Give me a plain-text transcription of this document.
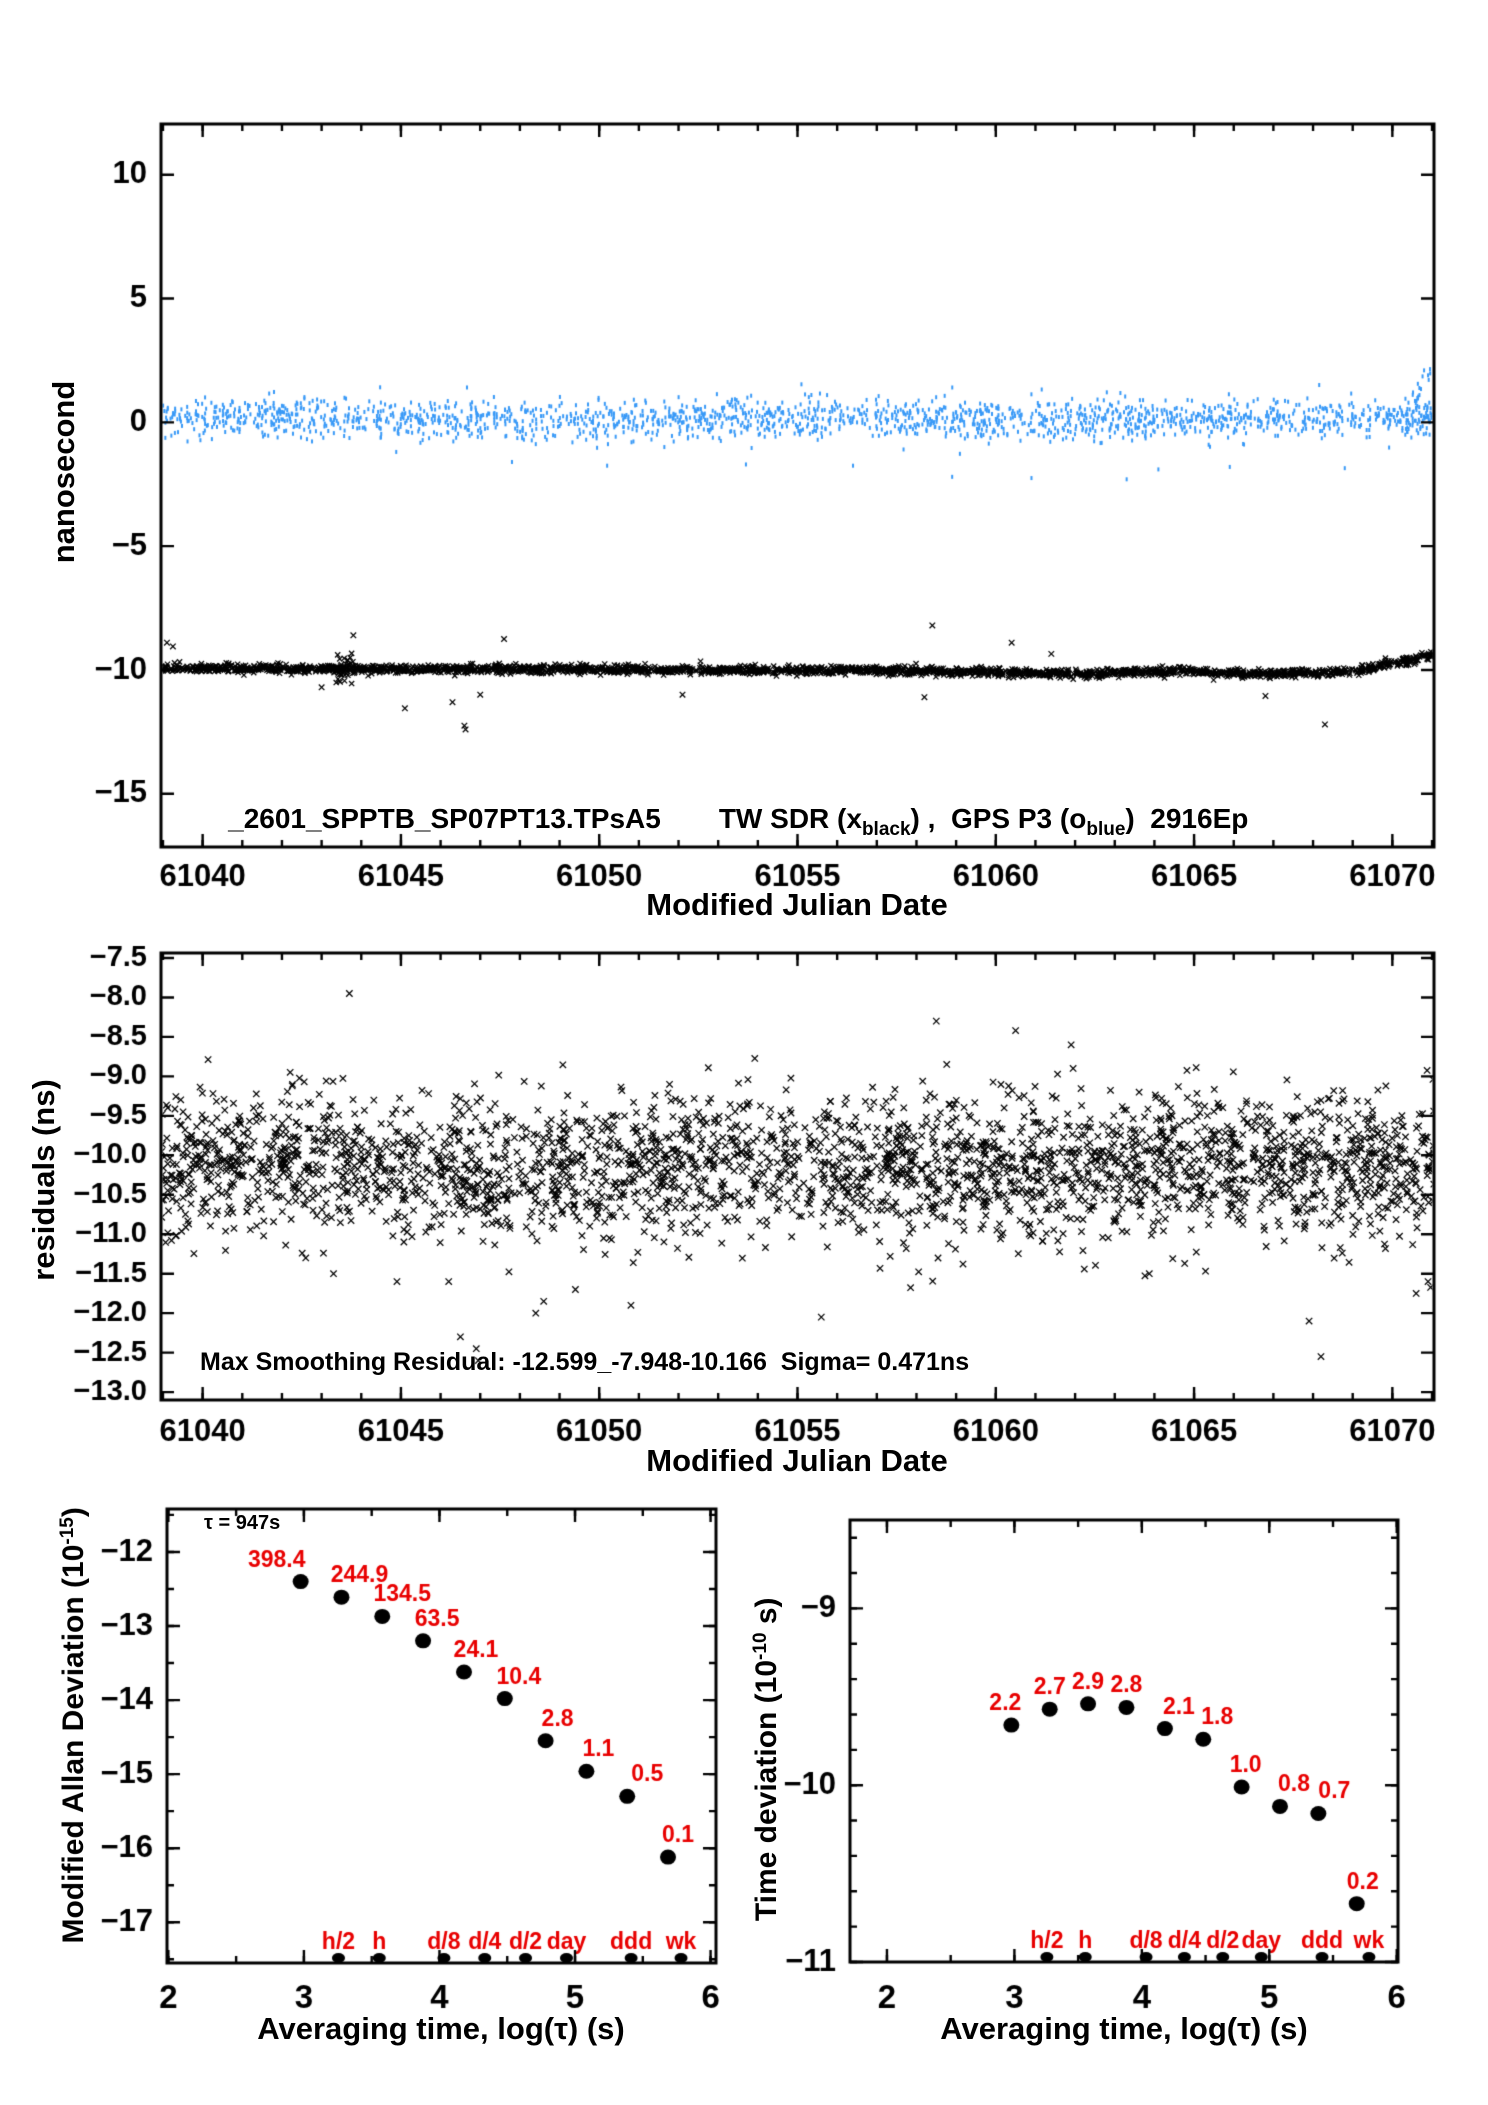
nanosecond
Modified Julian Date

_2601_SPPTB_SP07PT13.TPsA5 TW SDR $(x_{black})$ ,  GPS P3 $(o_{blue})$  2916Ep

residuals (ns)
Modified Julian Date
Max Smoothing Residual: -12.599_-7.948-10.166  Sigma= 0.471ns

Modified Allan Deviation $(10^{-15})$

Averaging time, log(τ) (s)
τ = 947s

Time deviation ($10^{-10}$ s)

Averaging time, log(τ) (s)
